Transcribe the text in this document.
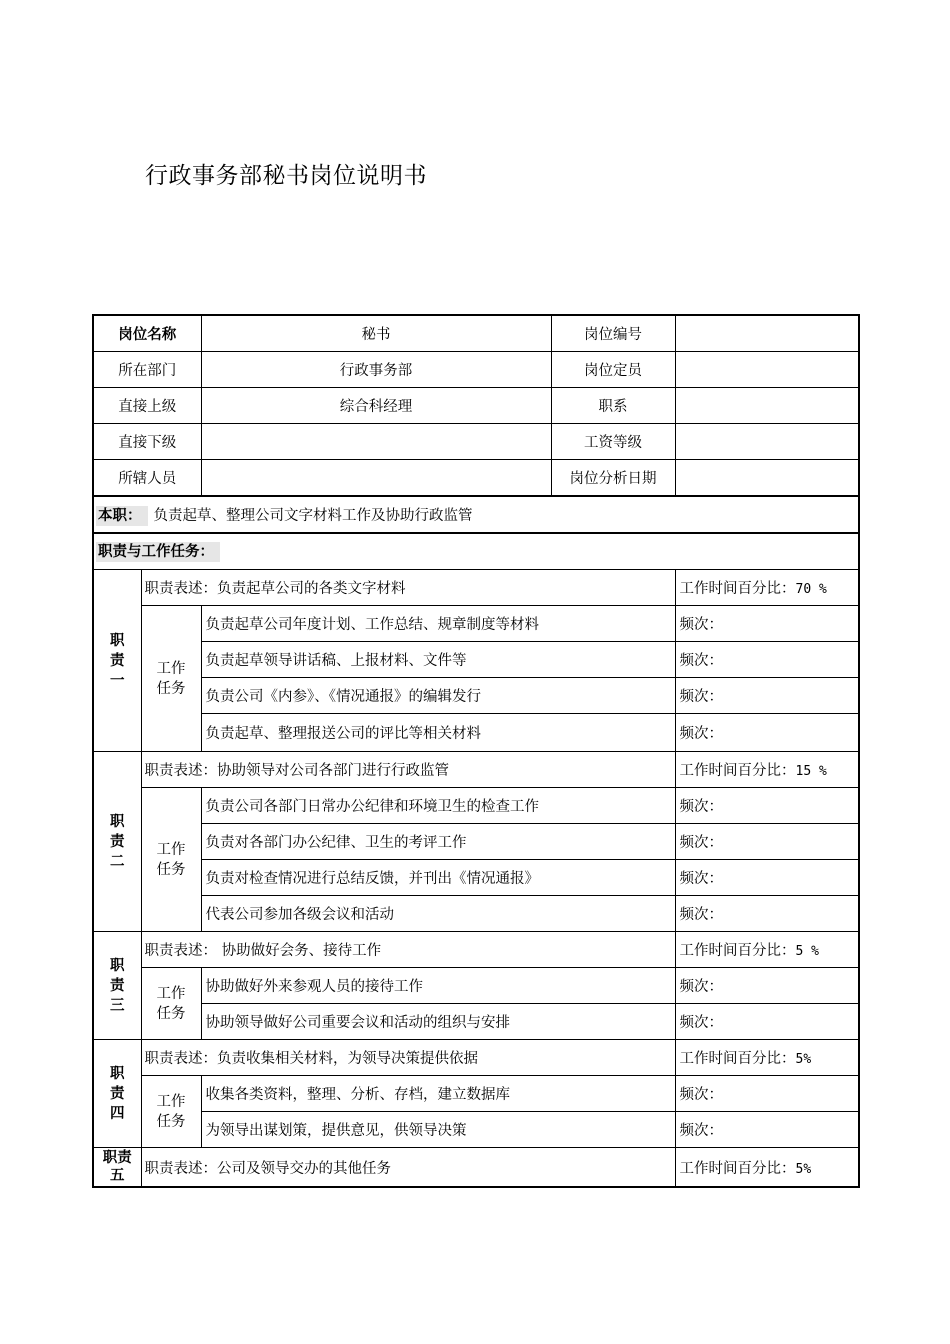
行政事务部秘书岗位说明书
岗位名称		秘书	岗位编号	
所在部门		行政事务部	岗位定员	
直接上级		综合科经理	职系	
直接下级			工资等级	
所辖人员			岗位分析日期	
本职： 负责起草、整理公司文字材料工作及协助行政监管				
职责与工作任务：				
职责一	职责表述：负责起草公司的各类文字材料			工作时间百分比：70 %
	工作任务	负责起草公司年度计划、工作总结、规章制度等材料		频次：
		负责起草领导讲话稿、上报材料、文件等		频次：
		负责公司《内参》、《情况通报》的编辑发行		频次：
		负责起草、整理报送公司的评比等相关材料		频次：
职责二	职责表述：协助领导对公司各部门进行行政监管			工作时间百分比：15 %
	工作任务	负责公司各部门日常办公纪律和环境卫生的检查工作		频次：
		负责对各部门办公纪律、卫生的考评工作		频次：
		负责对检查情况进行总结反馈，并刊出《情况通报》		频次：
		代表公司参加各级会议和活动		频次：
职责三	职责表述： 协助做好会务、接待工作			工作时间百分比：5 %
	工作任务	协助做好外来参观人员的接待工作		频次：
		协助领导做好公司重要会议和活动的组织与安排		频次：
职责四	职责表述：负责收集相关材料，为领导决策提供依据			工作时间百分比：5%
	工作任务	收集各类资料，整理、分析、存档，建立数据库		频次：
		为领导出谋划策，提供意见，供领导决策		频次：
职责五	职责表述：公司及领导交办的其他任务			工作时间百分比：5%
